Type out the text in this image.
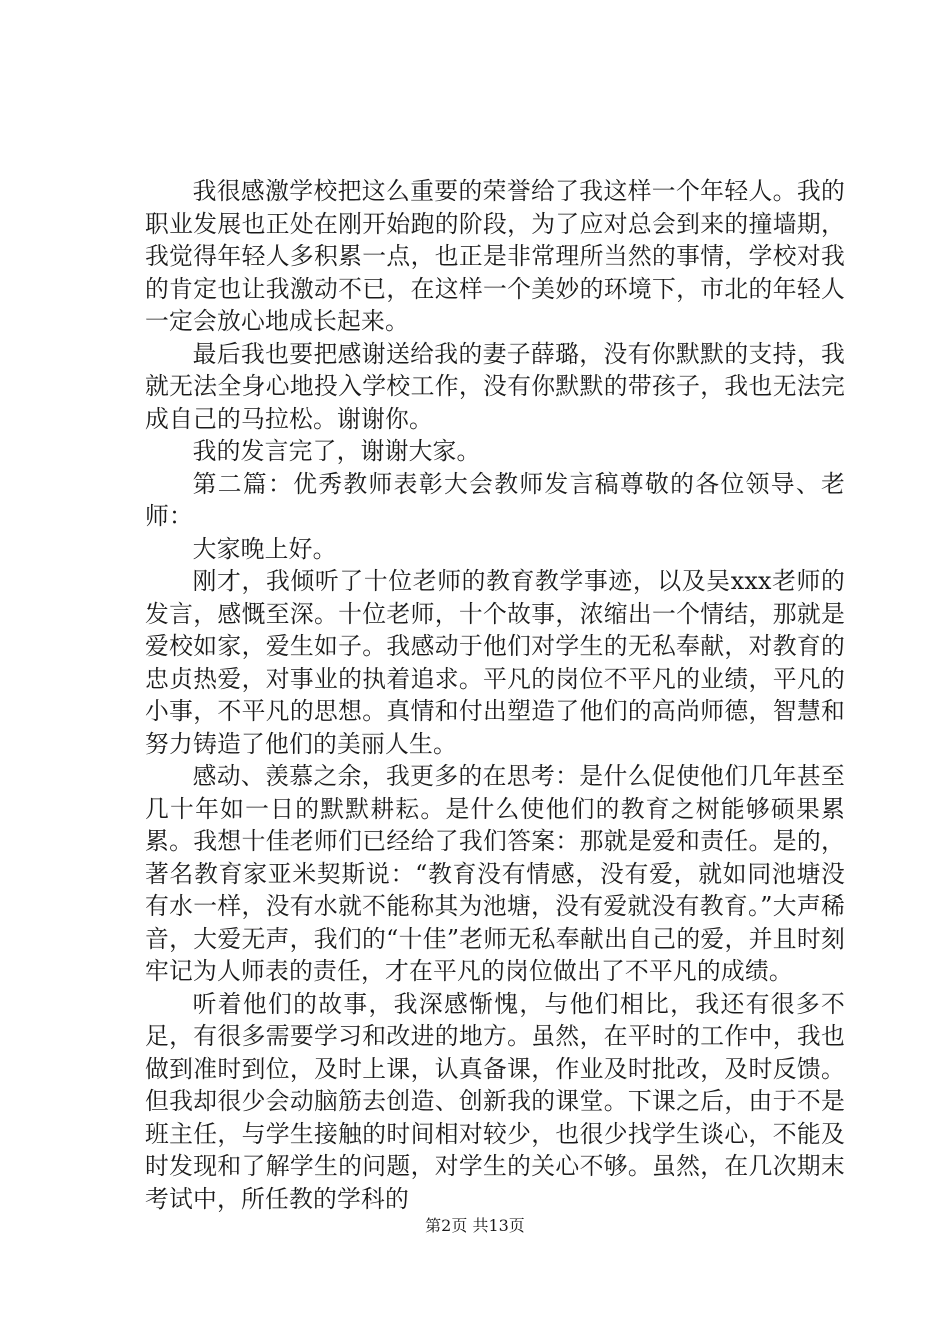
我很感激学校把这么重要的荣誉给了我这样一个年轻人。我的职业发展也正处在刚开始跑的阶段，为了应对总会到来的撞墙期，我觉得年轻人多积累一点，也正是非常理所当然的事情，学校对我的肯定也让我激动不已，在这样一个美妙的环境下，市北的年轻人一定会放心地成长起来。

最后我也要把感谢送给我的妻子薛璐，没有你默默的支持，我就无法全身心地投入学校工作，没有你默默的带孩子，我也无法完成自己的马拉松。谢谢你。

我的发言完了，谢谢大家。

第二篇：优秀教师表彰大会教师发言稿尊敬的各位领导、老师：

大家晚上好。

刚才，我倾听了十位老师的教育教学事迹，以及吴xxx老师的发言，感慨至深。十位老师，十个故事，浓缩出一个情结，那就是爱校如家，爱生如子。我感动于他们对学生的无私奉献，对教育的忠贞热爱，对事业的执着追求。平凡的岗位不平凡的业绩，平凡的小事，不平凡的思想。真情和付出塑造了他们的高尚师德，智慧和努力铸造了他们的美丽人生。

感动、羡慕之余，我更多的在思考：是什么促使他们几年甚至几十年如一日的默默耕耘。是什么使他们的教育之树能够硕果累累。我想十佳老师们已经给了我们答案：那就是爱和责任。是的，著名教育家亚米契斯说：“教育没有情感，没有爱，就如同池塘没有水一样，没有水就不能称其为池塘，没有爱就没有教育。”大声稀音，大爱无声，我们的“十佳”老师无私奉献出自己的爱，并且时刻牢记为人师表的责任，才在平凡的岗位做出了不平凡的成绩。

听着他们的故事，我深感惭愧，与他们相比，我还有很多不足，有很多需要学习和改进的地方。虽然，在平时的工作中，我也做到准时到位，及时上课，认真备课，作业及时批改，及时反馈。但我却很少会动脑筋去创造、创新我的课堂。下课之后，由于不是班主任，与学生接触的时间相对较少，也很少找学生谈心，不能及时发现和了解学生的问题，对学生的关心不够。虽然，在几次期末考试中，所任教的学科的

第2页 共13页
